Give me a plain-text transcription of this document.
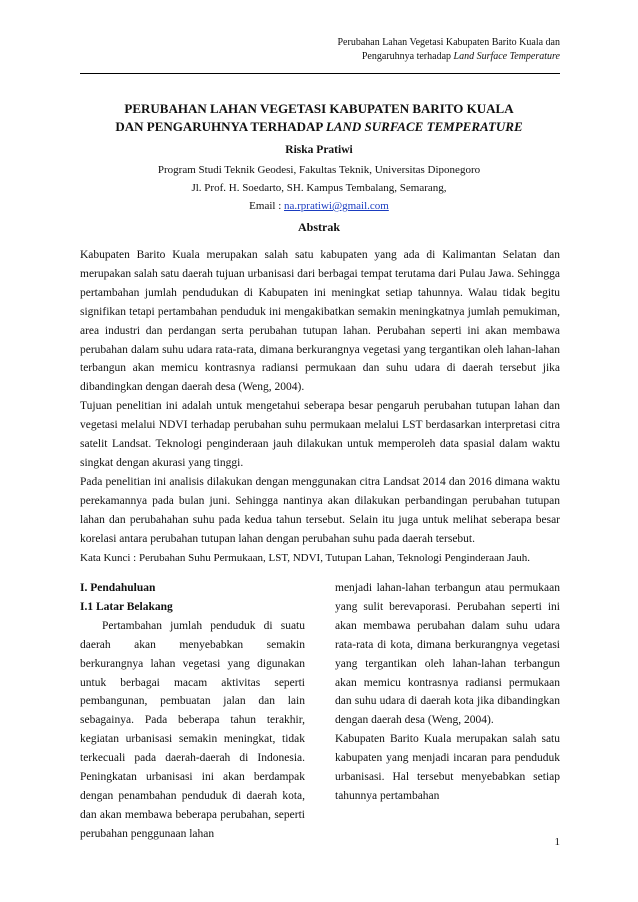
Perubahan Lahan Vegetasi Kabupaten Barito Kuala dan
Pengaruhnya terhadap Land Surface Temperature
PERUBAHAN LAHAN VEGETASI KABUPATEN BARITO KUALA
DAN PENGARUHNYA TERHADAP LAND SURFACE TEMPERATURE
Riska Pratiwi
Program Studi Teknik Geodesi, Fakultas Teknik, Universitas Diponegoro
Jl. Prof. H. Soedarto, SH. Kampus Tembalang, Semarang,
Email : na.rpratiwi@gmail.com
Abstrak

Kabupaten Barito Kuala merupakan salah satu kabupaten yang ada di Kalimantan Selatan dan merupakan salah satu daerah tujuan urbanisasi dari berbagai tempat terutama dari Pulau Jawa. Sehingga pertambahan jumlah pendudukan di Kabupaten ini meningkat setiap tahunnya. Walau tidak begitu signifikan tetapi pertambahan penduduk ini mengakibatkan semakin meningkatnya jumlah pemukiman, area industri dan perdangan serta perubahan tutupan lahan. Perubahan seperti ini akan membawa perubahan dalam suhu udara rata-rata, dimana berkurangnya vegetasi yang tergantikan oleh lahan-lahan terbangun akan memicu kontrasnya radiansi permukaan dan suhu udara di daerah tersebut jika dibandingkan dengan daerah desa (Weng, 2004).

Tujuan penelitian ini adalah untuk mengetahui seberapa besar pengaruh perubahan tutupan lahan dan vegetasi melalui NDVI terhadap perubahan suhu permukaan melalui LST berdasarkan interpretasi citra satelit Landsat. Teknologi penginderaan jauh dilakukan untuk memperoleh data spasial dalam waktu singkat dengan akurasi yang tinggi.

Pada penelitian ini analisis dilakukan dengan menggunakan citra Landsat 2014 dan 2016 dimana waktu perekamannya pada bulan juni. Sehingga nantinya akan dilakukan perbandingan perubahan tutupan lahan dan perubahahan suhu pada kedua tahun tersebut. Selain itu juga untuk melihat seberapa besar korelasi antara perubahan tutupan lahan dengan perubahan suhu pada daerah tersebut.

Kata Kunci : Perubahan Suhu Permukaan, LST, NDVI, Tutupan Lahan, Teknologi Penginderaan Jauh.

I. Pendahuluan
I.1 Latar Belakang

Pertambahan jumlah penduduk di suatu daerah akan menyebabkan semakin berkurangnya lahan vegetasi yang digunakan untuk berbagai macam aktivitas seperti pembangunan, pembuatan jalan dan lain sebagainya. Pada beberapa tahun terakhir, kegiatan urbanisasi semakin meningkat, tidak terkecuali pada daerah-daerah di Indonesia. Peningkatan urbanisasi ini akan berdampak dengan penambahan penduduk di daerah kota, dan akan membawa beberapa perubahan, seperti perubahan penggunaan lahan

menjadi lahan-lahan terbangun atau permukaan yang sulit berevaporasi. Perubahan seperti ini akan membawa perubahan dalam suhu udara rata-rata di kota, dimana berkurangnya vegetasi yang tergantikan oleh lahan-lahan terbangun akan memicu kontrasnya radiansi permukaan dan suhu udara di daerah kota jika dibandingkan dengan daerah desa (Weng, 2004).

Kabupaten Barito Kuala merupakan salah satu kabupaten yang menjadi incaran para penduduk urbanisasi. Hal tersebut menyebabkan setiap tahunnya pertambahan

1
